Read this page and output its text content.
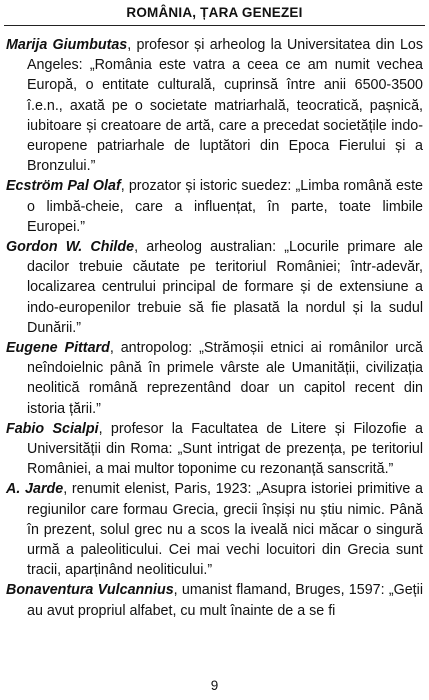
ROMÂNIA, ȚARA GENEZEI

Marija Giumbutas, profesor și arheolog la Universitatea din Los Angeles: „România este vatra a ceea ce am numit vechea Europă, o entitate culturală, cuprinsă între anii 6500-3500 î.e.n., axată pe o societate matriarhală, teocratică, pașnică, iubitoare și creatoare de artă, care a precedat societățile indo-europene patriarhale de luptători din Epoca Fierului și a Bronzului.”

Ecström Pal Olaf, prozator și istoric suedez: „Limba română este o limbă-cheie, care a influențat, în parte, toate limbile Europei.”

Gordon W. Childe, arheolog australian: „Locurile primare ale dacilor trebuie căutate pe teritoriul României; într-adevăr, localizarea centrului principal de formare și de extensiune a indo-europenilor trebuie să fie plasată la nordul și la sudul Dunării.”

Eugene Pittard, antropolog: „Strămoșii etnici ai românilor urcă neîndoielnic până în primele vârste ale Umanității, civilizația neolitică română reprezentând doar un capitol recent din istoria țării.”

Fabio Scialpi, profesor la Facultatea de Litere și Filozofie a Universității din Roma: „Sunt intrigat de prezența, pe teritoriul României, a mai multor toponime cu rezonanță sanscrită.”

A. Jarde, renumit elenist, Paris, 1923: „Asupra istoriei primitive a regiunilor care formau Grecia, grecii înșiși nu știu nimic. Până în prezent, solul grec nu a scos la iveală nici măcar o singură urmă a paleoliticului. Cei mai vechi locuitori din Grecia sunt tracii, aparținând neoliticului.”

Bonaventura Vulcannius, umanist flamand, Bruges, 1597: „Geții au avut propriul alfabet, cu mult înainte de a se fi

9
